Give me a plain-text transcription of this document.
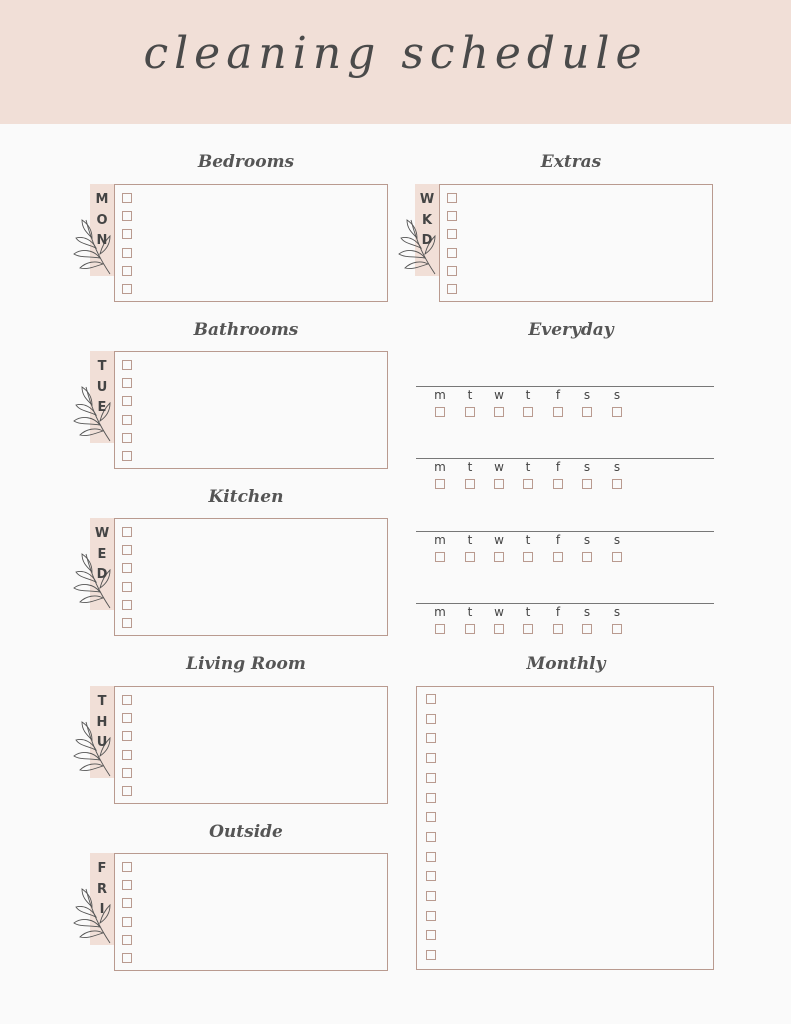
cleaning schedule
Bedrooms
M
O
N
Bathrooms
T
U
E
Kitchen
W
E
D
Living Room
T
H
U
Outside
F
R
I
Extras
W
K
D
Everyday
m	t	w	t	f	s	s
m	t	w	t	f	s	s
m	t	w	t	f	s	s
m	t	w	t	f	s	s
Monthly
